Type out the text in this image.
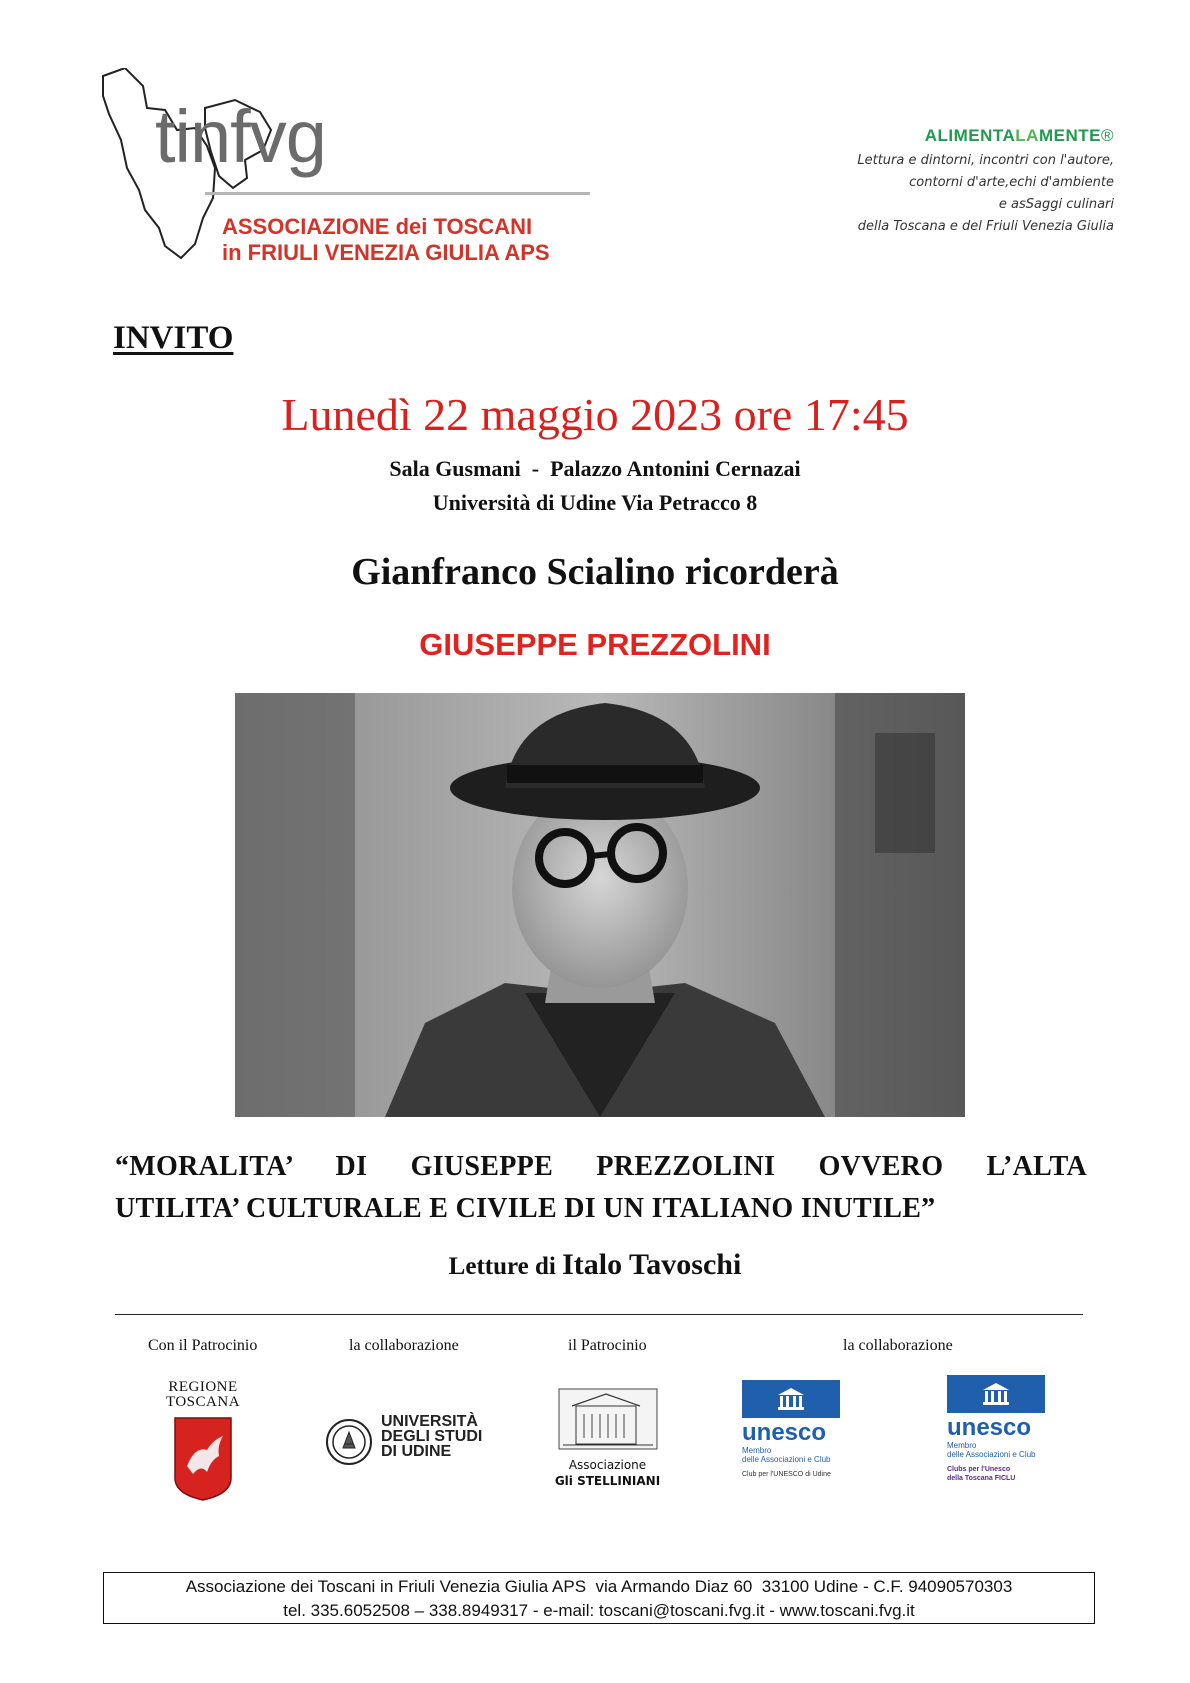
tinfvg
ASSOCIAZIONE dei TOSCANI
in FRIULI VENEZIA GIULIA APS
ALIMENTALAMENTE®
Lettura e dintorni, incontri con l'autore,
contorni d'arte,echi d'ambiente
e asSaggi culinari
della Toscana e del Friuli Venezia Giulia
INVITO
Lunedì 22 maggio 2023 ore 17:45
Sala Gusmani  -  Palazzo Antonini Cernazai
Università di Udine Via Petracco 8
Gianfranco Scialino ricorderà
GIUSEPPE PREZZOLINI
“MORALITA’ DI GIUSEPPE PREZZOLINI OVVERO L’ALTA
UTILITA’ CULTURALE E CIVILE DI UN ITALIANO INUTILE”
Letture di Italo Tavoschi
Con il Patrocinio	la collaborazione	il Patrocinio	la collaborazione
REGIONE
TOSCANA
UNIVERSITÀ
DEGLI STUDI
DI UDINE
Associazione
Gli STELLINIANI
unesco
Membro
delle Associazioni e Club
Club per l'UNESCO di Udine
unesco
Membro
delle Associazioni e Club
Clubs per l'Unesco
della Toscana FICLU
Associazione dei Toscani in Friuli Venezia Giulia APS  via Armando Diaz 60  33100 Udine - C.F. 94090570303
tel. 335.6052508 – 338.8949317 - e-mail: toscani@toscani.fvg.it - www.toscani.fvg.it
